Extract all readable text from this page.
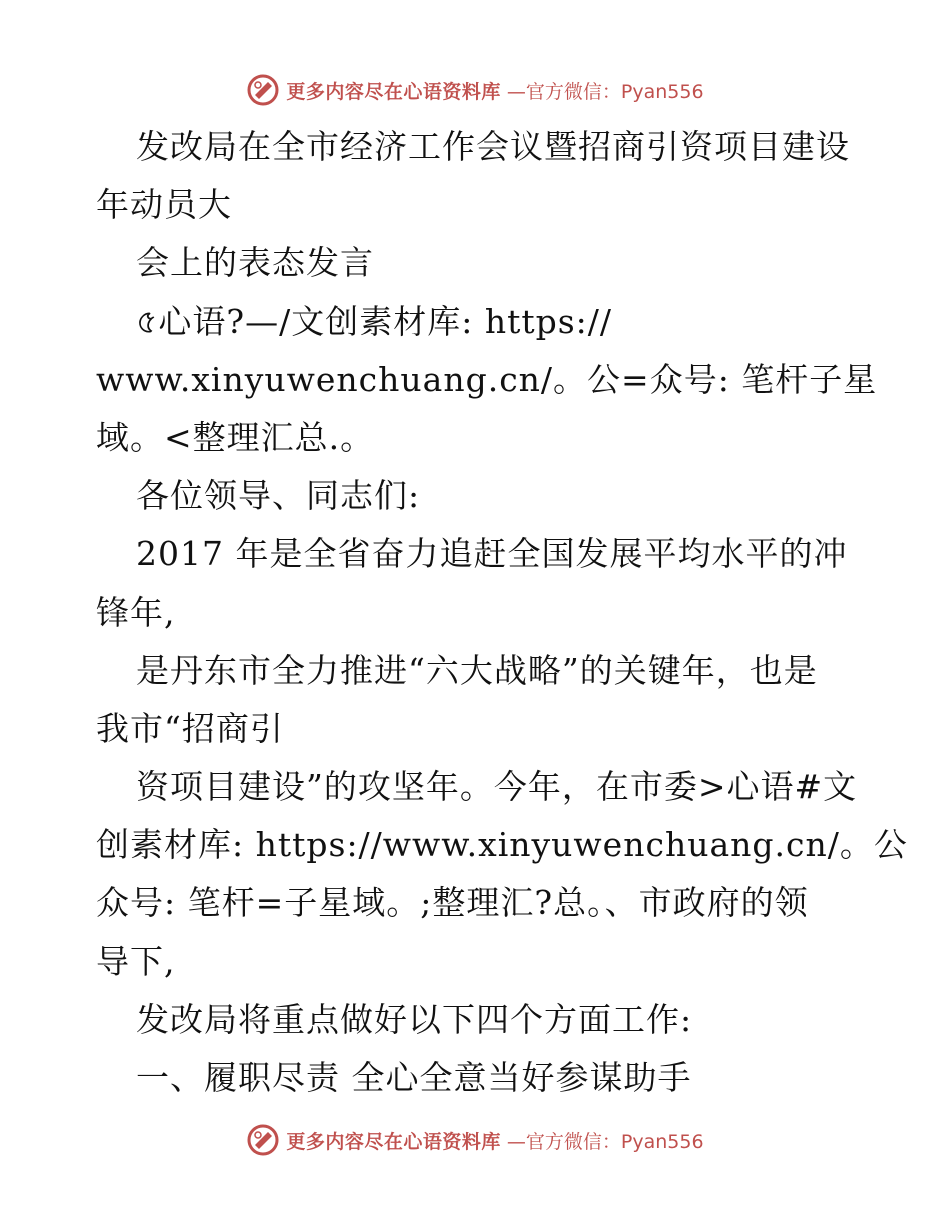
更多内容尽在心语资料库 —官方微信：Pyan556
发改局在全市经济工作会议暨招商引资项目建设
年动员大
会上的表态发言
৫心语?—/文创素材库: https://
www.xinyuwenchuang.cn/。公=众号: 笔杆子星
域。<整理汇总.。
各位领导、同志们:
2017 年是全省奋力追赶全国发展平均水平的冲
锋年,
是丹东市全力推进“六大战略”的关键年，也是
我市“招商引
资项目建设”的攻坚年。今年，在市委>心语#文
创素材库: https://www.xinyuwenchuang.cn/。公
众号: 笔杆=子星域。;整理汇?总。、市政府的领
导下,
发改局将重点做好以下四个方面工作:
一、履职尽责 全心全意当好参谋助手
更多内容尽在心语资料库 —官方微信：Pyan556
